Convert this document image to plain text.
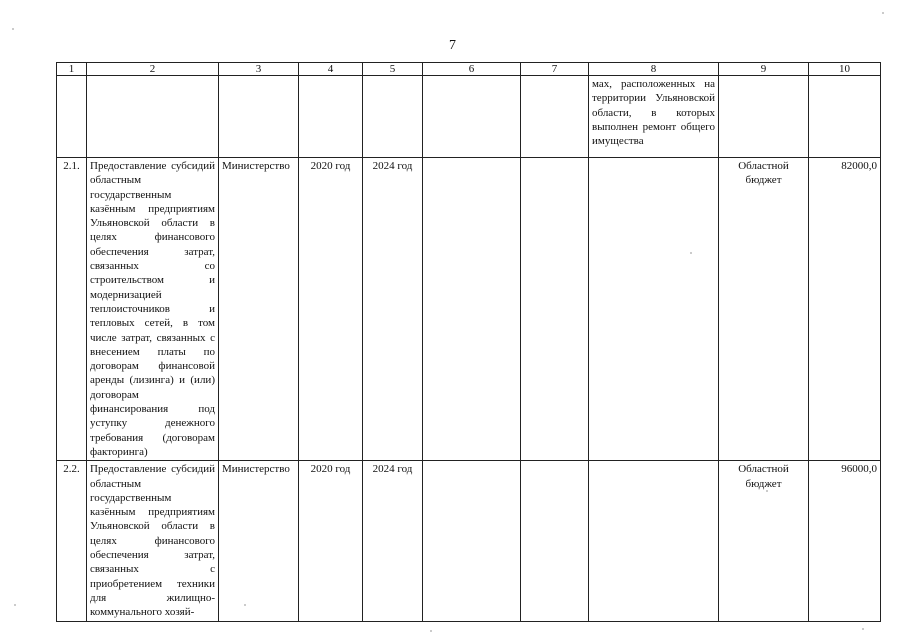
7
1	2	3	4	5	6	7	8	9	10
							мах, расположенных на территории Ульяновской области, в которых выполнен ремонт общего имущества		
2.1.	Предоставление субсидий областным государственным казённым предприятиям Ульяновской области в целях финансового обеспечения затрат, связанных со строительством и модернизацией теплоисточников и тепловых сетей, в том числе затрат, связанных с внесением платы по договорам финансовой аренды (лизинга) и (или) договорам финансирования под уступку денежного требования (договорам факторинга)	Министерство	2020 год	2024 год				Областной бюджет	82000,0
2.2.	Предоставление субсидий областным государственным казённым предприятиям Ульяновской области в целях финансового обеспечения затрат, связанных с приобретением техники для жилищно-коммунального хозяй-	Министерство	2020 год	2024 год				Областной бюджет	96000,0
